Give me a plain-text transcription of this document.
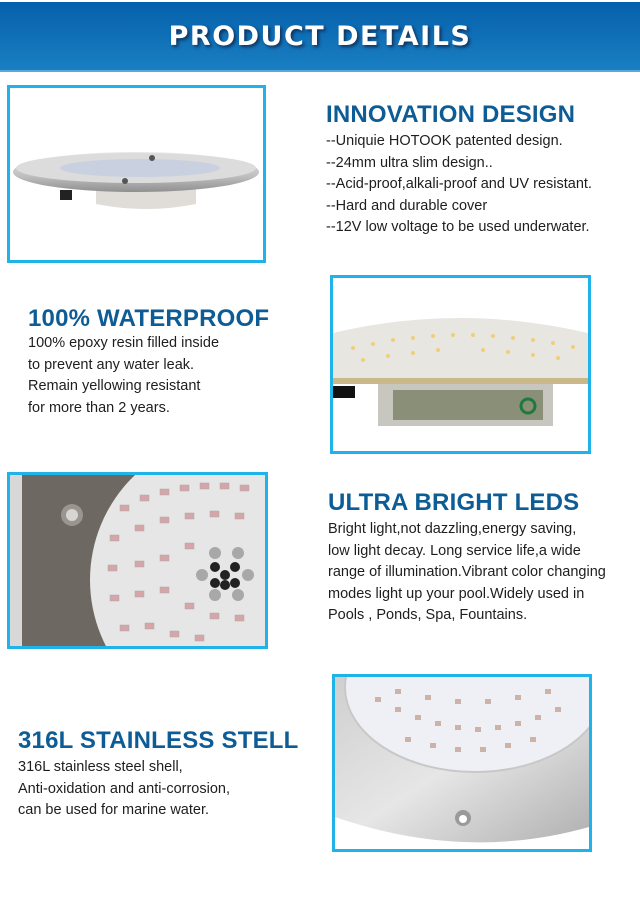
PRODUCT DETAILS
INNOVATION DESIGN

--Uniquie HOTOOK patented design.

--24mm ultra slim design..

--Acid-proof,alkali-proof and UV resistant.

--Hard and durable cover

--12V low voltage to be used underwater.

100% WATERPROOF

100% epoxy resin filled inside

to prevent any water leak.

Remain yellowing resistant

for more than 2 years.

ULTRA BRIGHT LEDS

Bright light,not dazzling,energy saving,

low light decay. Long service life,a wide

range of illumination.Vibrant color changing

modes light up your pool.Widely used in

Pools , Ponds, Spa, Fountains.

316L STAINLESS STELL

316L stainless steel shell,

Anti-oxidation and anti-corrosion,

can be used for marine water.
